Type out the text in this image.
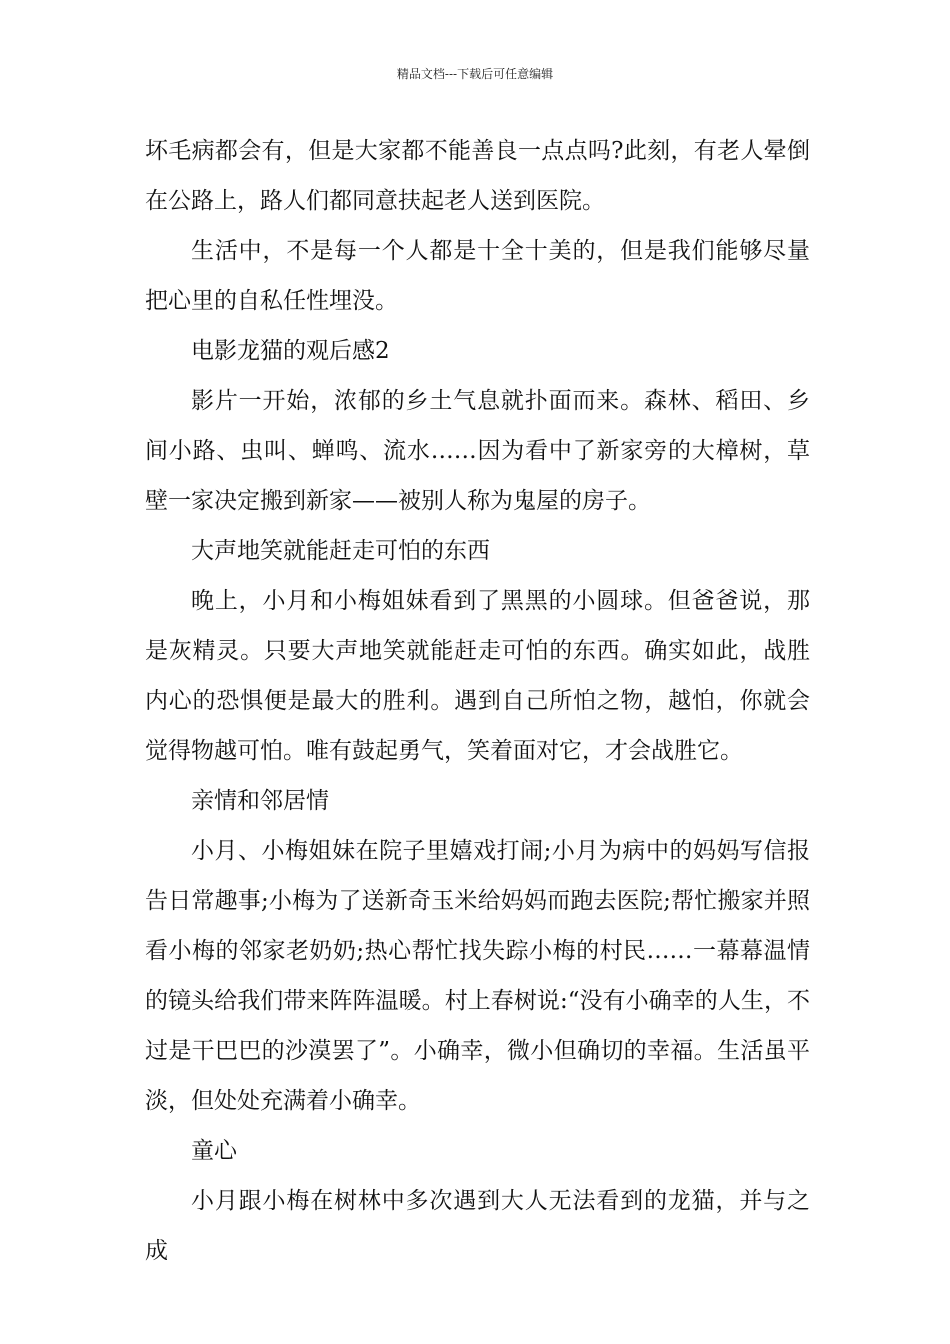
精品文档---下载后可任意编辑

坏毛病都会有，但是大家都不能善良一点点吗?此刻，有老人晕倒在公路上，路人们都同意扶起老人送到医院。

生活中，不是每一个人都是十全十美的，但是我们能够尽量把心里的自私任性埋没。

电影龙猫的观后感2

影片一开始，浓郁的乡土气息就扑面而来。森林、稻田、乡间小路、虫叫、蝉鸣、流水……因为看中了新家旁的大樟树，草壁一家决定搬到新家——被别人称为鬼屋的房子。

大声地笑就能赶走可怕的东西

晚上，小月和小梅姐妹看到了黑黑的小圆球。但爸爸说，那是灰精灵。只要大声地笑就能赶走可怕的东西。确实如此，战胜内心的恐惧便是最大的胜利。遇到自己所怕之物，越怕，你就会觉得物越可怕。唯有鼓起勇气，笑着面对它，才会战胜它。

亲情和邻居情

小月、小梅姐妹在院子里嬉戏打闹;小月为病中的妈妈写信报告日常趣事;小梅为了送新奇玉米给妈妈而跑去医院;帮忙搬家并照看小梅的邻家老奶奶;热心帮忙找失踪小梅的村民……一幕幕温情的镜头给我们带来阵阵温暖。村上春树说:“没有小确幸的人生，不过是干巴巴的沙漠罢了”。小确幸，微小但确切的幸福。生活虽平淡，但处处充满着小确幸。

童心

小月跟小梅在树林中多次遇到大人无法看到的龙猫，并与之成
